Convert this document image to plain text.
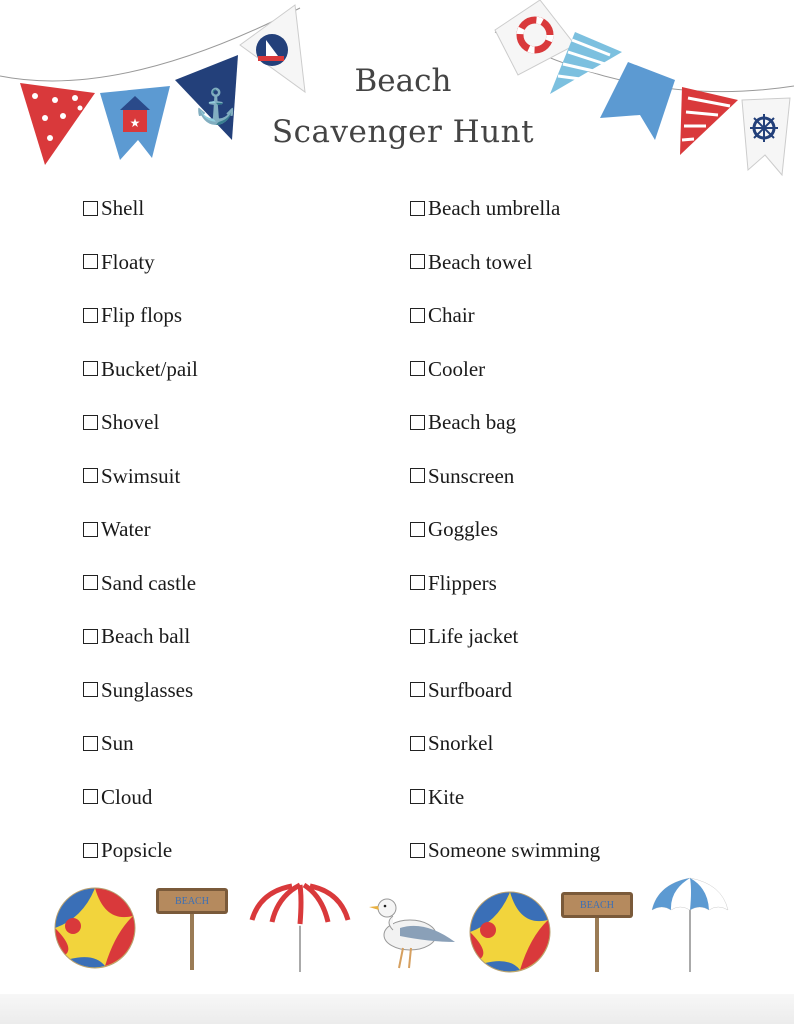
★ ⚓
Beach
Scavenger Hunt
Shell
Floaty
Flip flops
Bucket/pail
Shovel
Swimsuit
Water
Sand castle
Beach ball
Sunglasses
Sun
Cloud
Popsicle
Beach umbrella
Beach towel
Chair
Cooler
Beach bag
Sunscreen
Goggles
Flippers
Life jacket
Surfboard
Snorkel
Kite
Someone swimming
BEACH	BEACH
